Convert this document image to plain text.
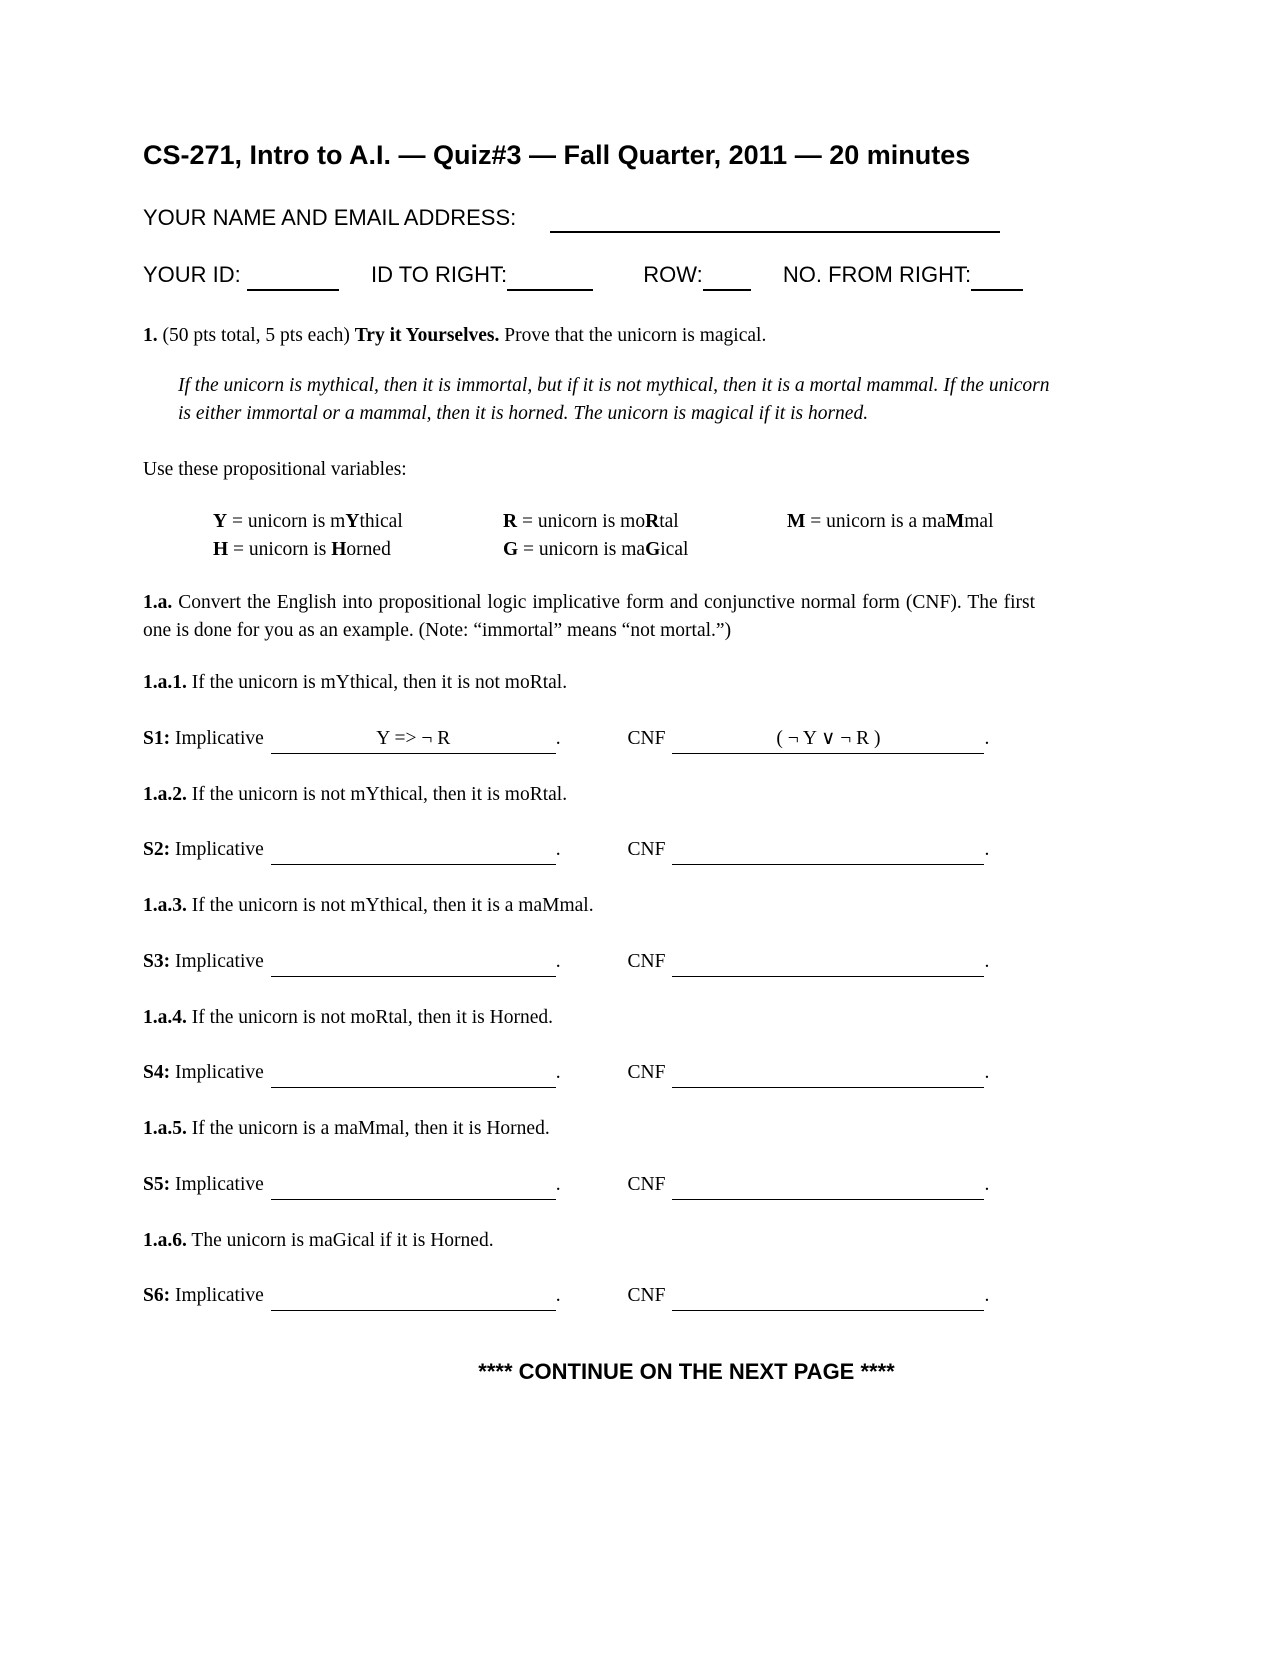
CS-271, Intro to A.I. — Quiz#3 — Fall Quarter, 2011 — 20 minutes
YOUR NAME AND EMAIL ADDRESS:
YOUR ID:	ID TO RIGHT:	ROW:	NO. FROM RIGHT:

1. (50 pts total, 5 pts each) Try it Yourselves. Prove that the unicorn is magical.

If the unicorn is mythical, then it is immortal, but if it is not mythical, then it is a mortal mammal. If the unicorn is either immortal or a mammal, then it is horned. The unicorn is magical if it is horned.

Use these propositional variables:

Y = unicorn is mYthical	R = unicorn is moRtal	M = unicorn is a maMmal
H = unicorn is Horned	G = unicorn is maGical

1.a. Convert the English into propositional logic implicative form and conjunctive normal form (CNF). The first one is done for you as an example. (Note: “immortal” means “not mortal.”)

1.a.1. If the unicorn is mYthical, then it is not moRtal.

S1: Implicative	Y => ¬ R	.	CNF	( ¬ Y ∨ ¬ R )	.

1.a.2. If the unicorn is not mYthical, then it is moRtal.

S2: Implicative	.	CNF	.

1.a.3. If the unicorn is not mYthical, then it is a maMmal.

S3: Implicative	.	CNF	.

1.a.4. If the unicorn is not moRtal, then it is Horned.

S4: Implicative	.	CNF	.

1.a.5. If the unicorn is a maMmal, then it is Horned.

S5: Implicative	.	CNF	.

1.a.6. The unicorn is maGical if it is Horned.

S6: Implicative	.	CNF	.

**** CONTINUE ON THE NEXT PAGE ****
